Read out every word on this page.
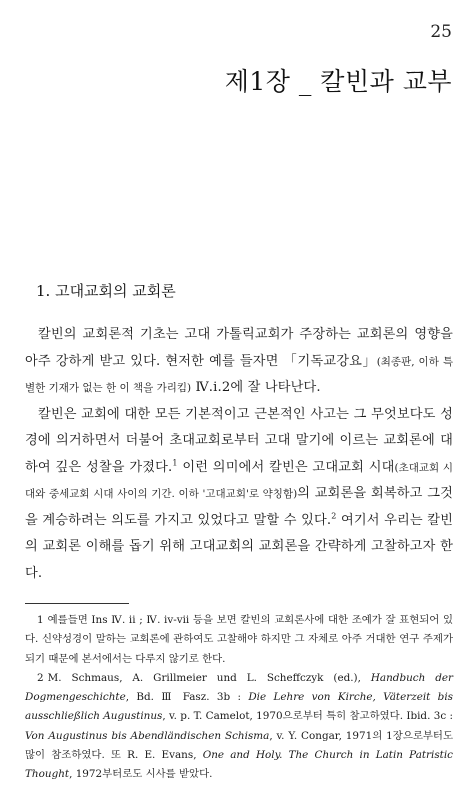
25
제1장 _ 칼빈과 교부
1. 고대교회의 교회론

칼빈의 교회론적 기초는 고대 가톨릭교회가 주장하는 교회론의 영향을 아주 강하게 받고 있다. 현저한 예를 들자면 「기독교강요」(최종판, 이하 특별한 기재가 없는 한 이 책을 가리킴) Ⅳ.i.2에 잘 나타난다.

칼빈은 교회에 대한 모든 기본적이고 근본적인 사고는 그 무엇보다도 성경에 의거하면서 더불어 초대교회로부터 고대 말기에 이르는 교회론에 대하여 깊은 성찰을 가졌다.$^1$ 이런 의미에서 칼빈은 고대교회 시대(초대교회 시대와 중세교회 시대 사이의 기간. 이하 '고대교회'로 약칭함)의 교회론을 회복하고 그것을 계승하려는 의도를 가지고 있었다고 말할 수 있다.$^2$ 여기서 우리는 칼빈의 교회론 이해를 돕기 위해 고대교회의 교회론을 간략하게 고찰하고자 한다.

1 예를들면 Ins Ⅳ. ii ; Ⅳ. iv-vii 등을 보면 칼빈의 교회론사에 대한 조예가 잘 표현되어 있다. 신약성경이 말하는 교회론에 관하여도 고찰해야 하지만 그 자체로 아주 거대한 연구 주제가 되기 때문에 본서에서는 다루지 않기로 한다.

2 M. Schmaus, A. Grillmeier und L. Scheffczyk (ed.), Handbuch der Dogmengeschichte, Bd. Ⅲ Fasz. 3b : Die Lehre von Kirche, Väterzeit bis ausschließlich Augustinus, v. p. T. Camelot, 1970으로부터 특히 참고하였다. Ibid. 3c : Von Augustinus bis Abendländischen Schisma, v. Y. Congar, 1971의 1장으로부터도 많이 참조하였다. 또 R. E. Evans, One and Holy. The Church in Latin Patristic Thought, 1972부터로도 시사를 받았다.
